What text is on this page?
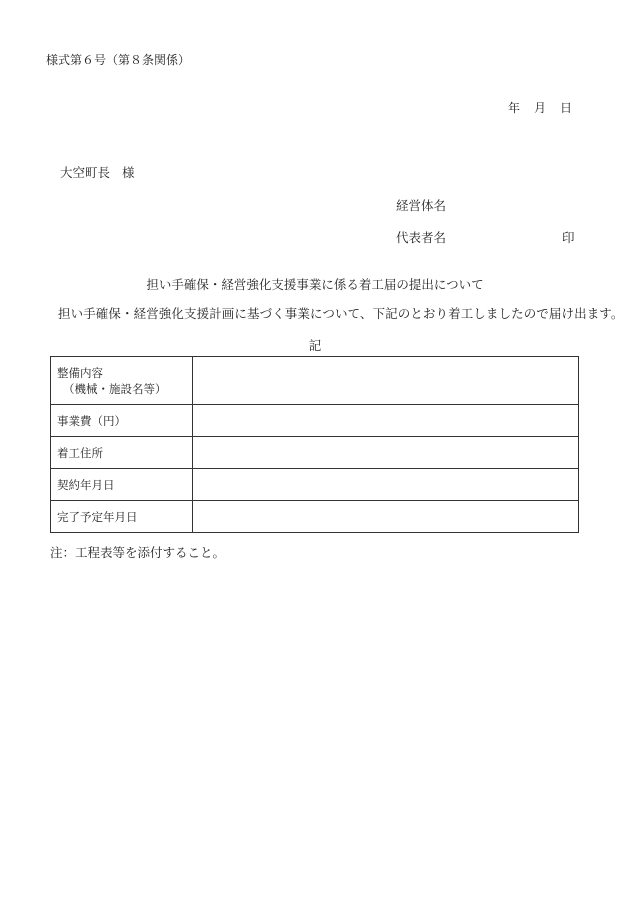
様式第６号（第８条関係）
年 月 日
大空町長 様
経営体名
代表者名	印
担い手確保・経営強化支援事業に係る着工届の提出について
担い手確保・経営強化支援計画に基づく事業について、下記のとおり着工しましたので届け出ます。
記
整備内容
（機械・施設名等）	

事業費（円）	
着工住所	
契約年月日	
完了予定年月日	
注：工程表等を添付すること。
